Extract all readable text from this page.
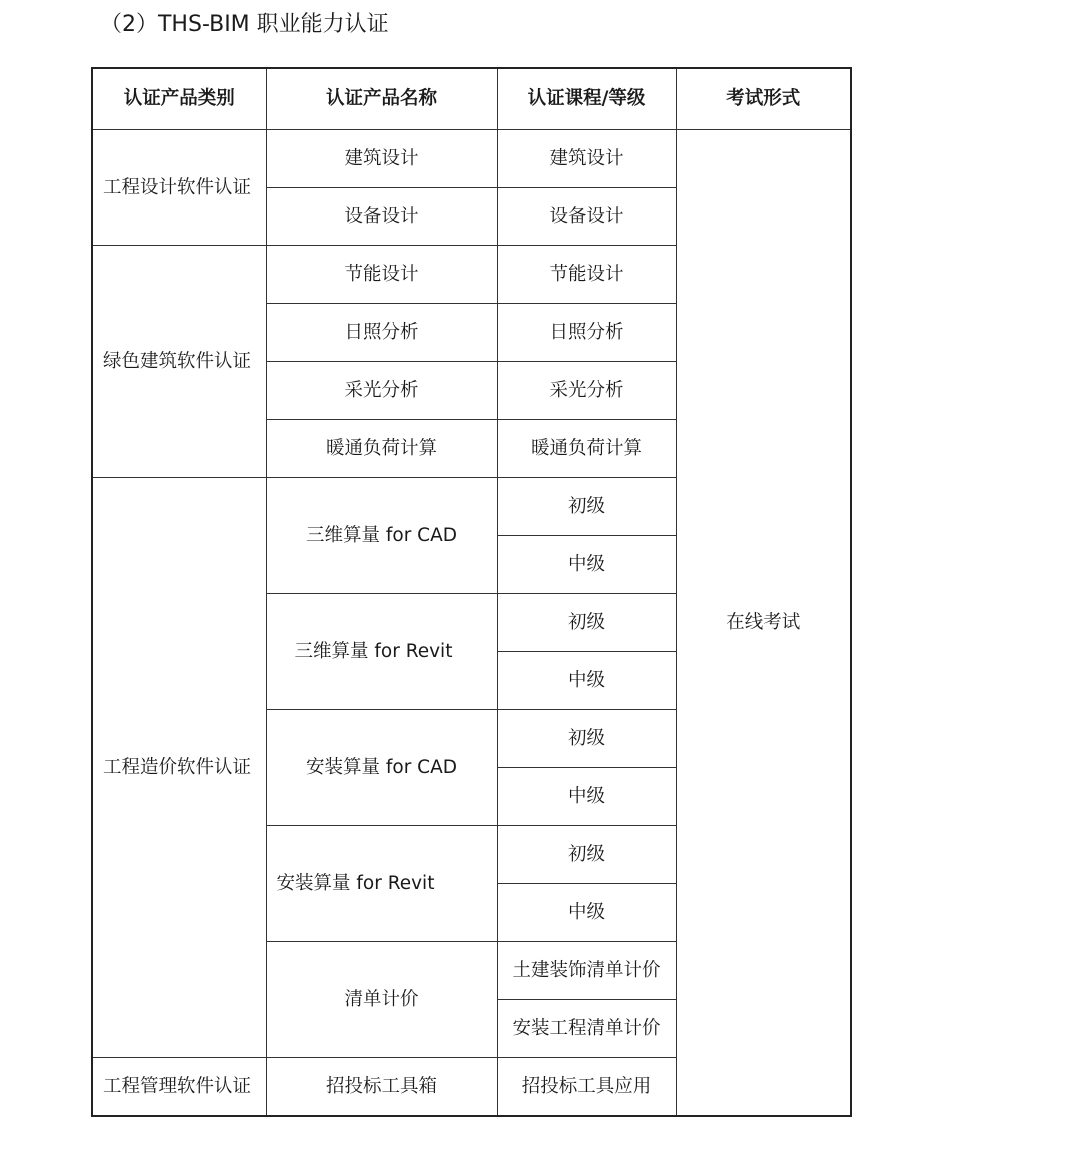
（2）THS-BIM 职业能力认证
认证产品类别	认证产品名称	认证课程/等级	考试形式
工程设计软件认证	建筑设计	建筑设计	在线考试
	设备设计	设备设计	
绿色建筑软件认证	节能设计	节能设计	
	日照分析	日照分析	
	采光分析	采光分析	
	暖通负荷计算	暖通负荷计算	
工程造价软件认证	三维算量 for CAD	初级	
		中级	
	三维算量 for Revit	初级	
		中级	
	安装算量 for CAD	初级	
		中级	
	安装算量 for Revit	初级	
		中级	
	清单计价	土建装饰清单计价	
		安装工程清单计价	
工程管理软件认证	招投标工具箱	招投标工具应用	
